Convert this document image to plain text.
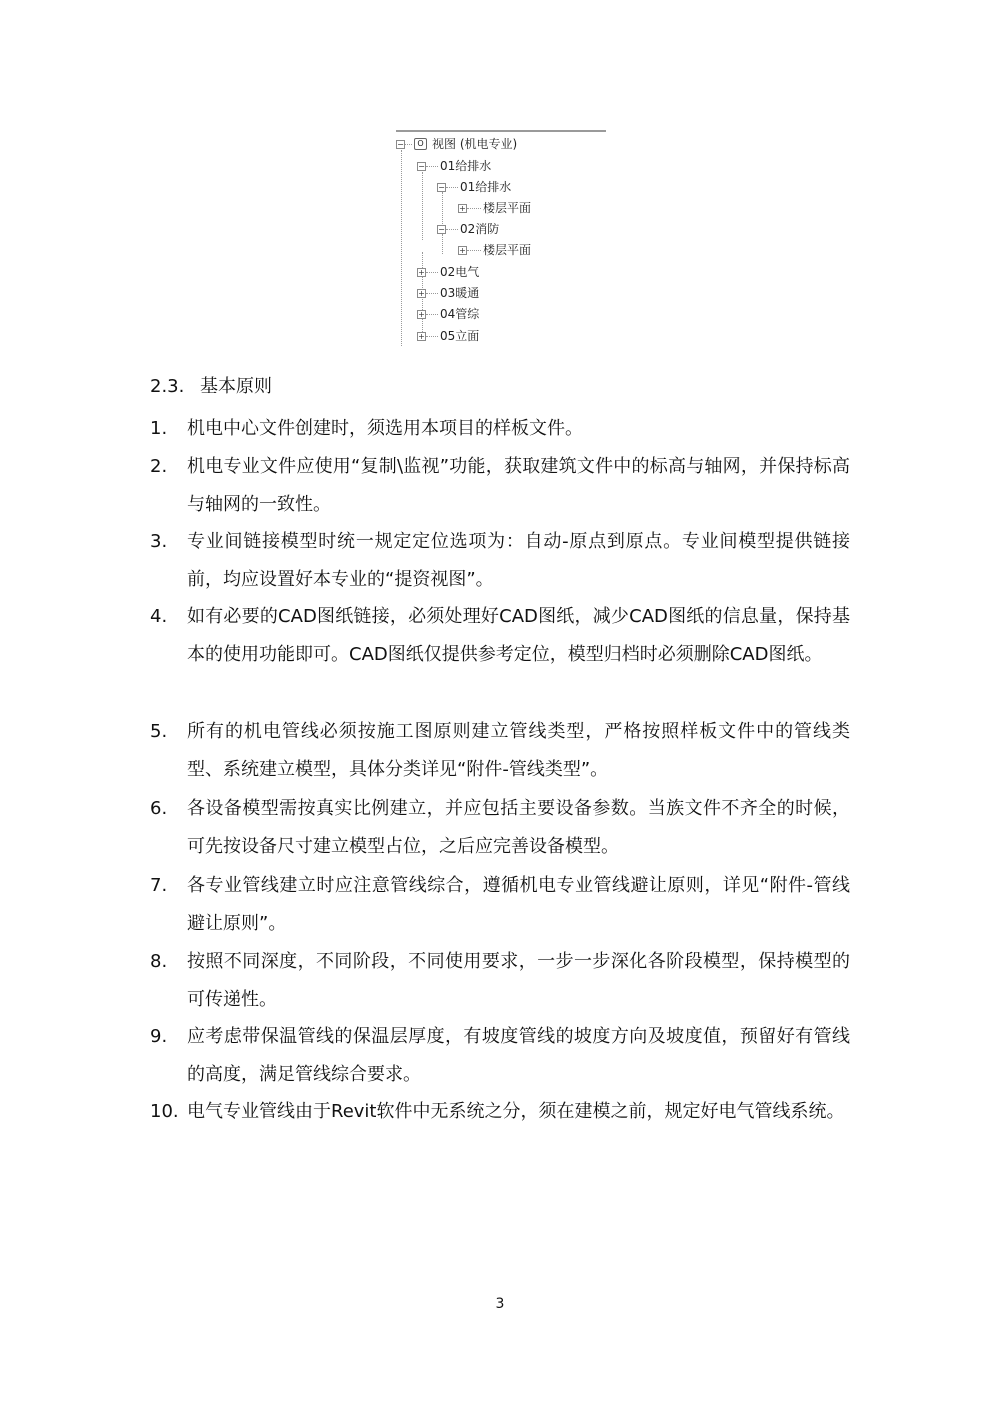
−	O 视图 (机电专业)
− 01给排水
− 01给排水
+ 楼层平面
− 02消防
+ 楼层平面
+ 02电气
+ 03暖通
+ 04管综
+ 05立面
2.3. 基本原则
1. 机电中心文件创建时，须选用本项目的样板文件。
2. 机电专业文件应使用“复制\监视”功能，获取建筑文件中的标高与轴网，并保持标高与轴网的一致性。
3. 专业间链接模型时统一规定定位选项为：自动-原点到原点。专业间模型提供链接前，均应设置好本专业的“提资视图”。
4. 如有必要的CAD图纸链接，必须处理好CAD图纸，减少CAD图纸的信息量，保持基本的使用功能即可。CAD图纸仅提供参考定位，模型归档时必须删除CAD图纸。
5. 所有的机电管线必须按施工图原则建立管线类型，严格按照样板文件中的管线类型、系统建立模型，具体分类详见“附件-管线类型”。
6. 各设备模型需按真实比例建立，并应包括主要设备参数。当族文件不齐全的时候，可先按设备尺寸建立模型占位，之后应完善设备模型。
7. 各专业管线建立时应注意管线综合，遵循机电专业管线避让原则，详见“附件-管线避让原则”。
8. 按照不同深度，不同阶段，不同使用要求，一步一步深化各阶段模型，保持模型的可传递性。
9. 应考虑带保温管线的保温层厚度，有坡度管线的坡度方向及坡度值，预留好有管线的高度，满足管线综合要求。
10. 电气专业管线由于Revit软件中无系统之分，须在建模之前，规定好电气管线系统。
3
